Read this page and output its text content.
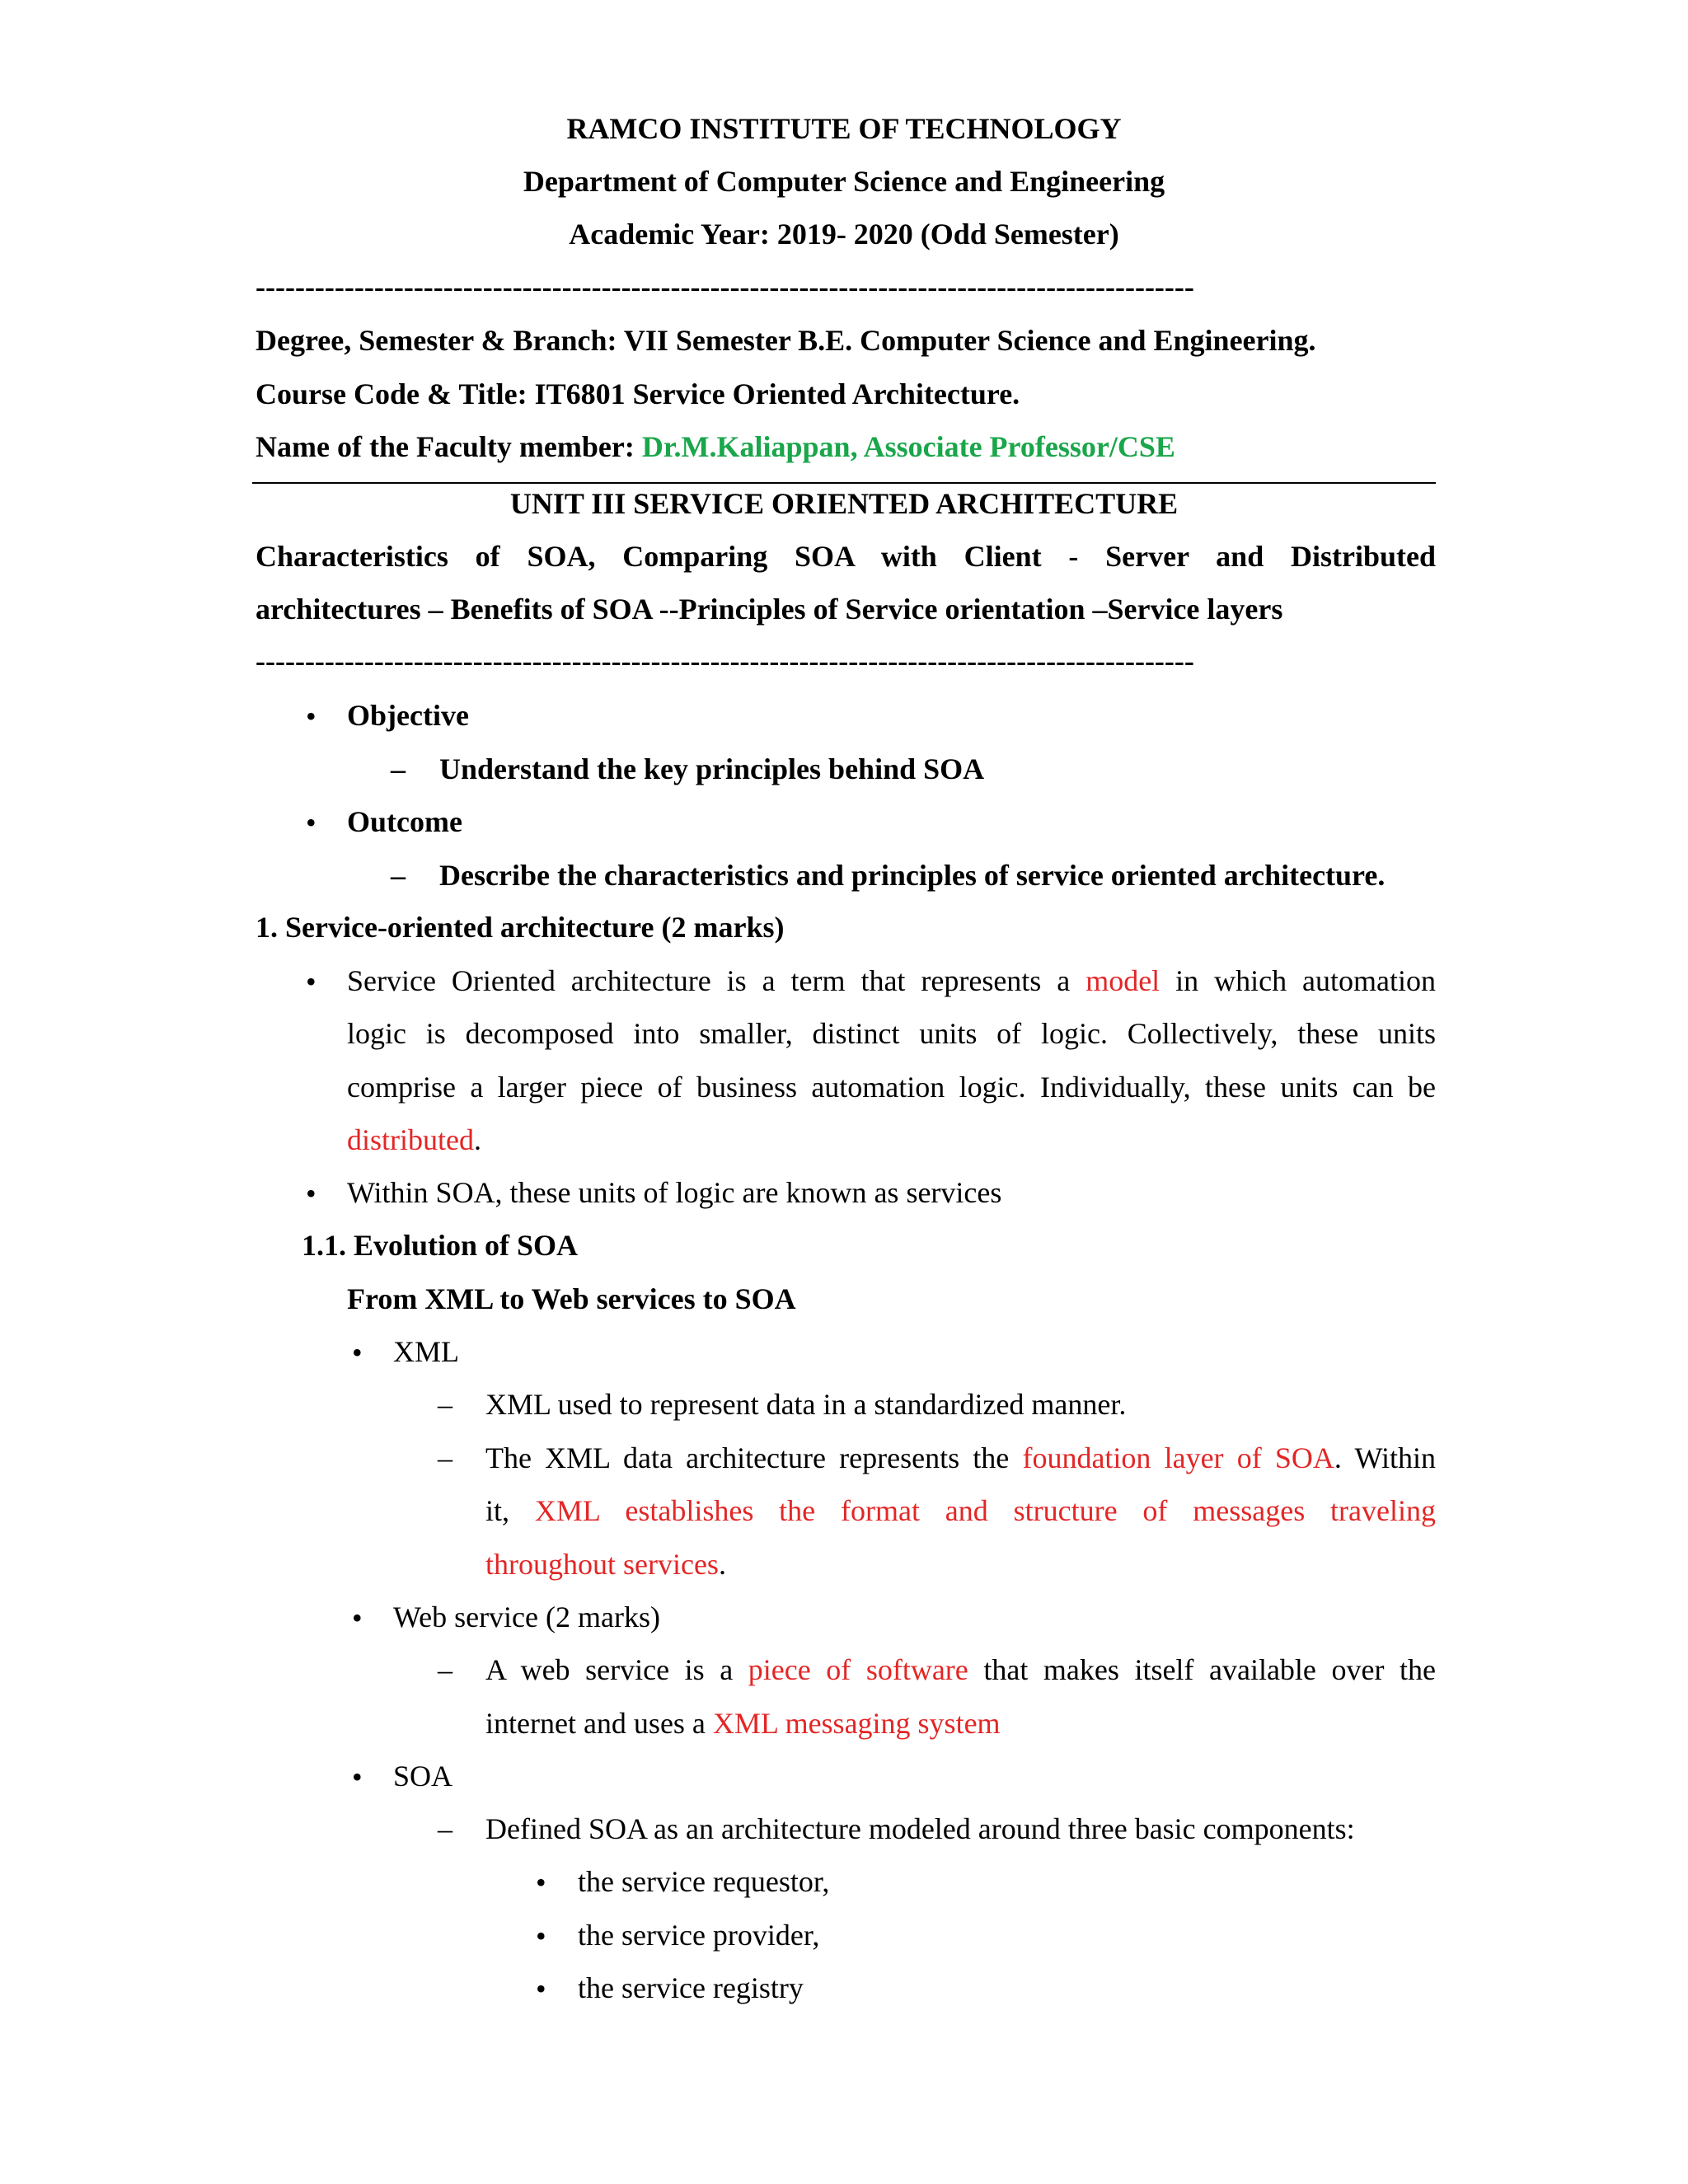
RAMCO INSTITUTE OF TECHNOLOGY
Department of Computer Science and Engineering
Academic Year: 2019- 2020 (Odd Semester)
-----------------------------------------------------------------------------------------------
Degree, Semester & Branch: VII Semester B.E. Computer Science and Engineering.
Course Code & Title: IT6801 Service Oriented Architecture.
Name of the Faculty member: Dr.M.Kaliappan, Associate Professor/CSE
UNIT III SERVICE ORIENTED ARCHITECTURE
Characteristics of SOA, Comparing SOA with Client - Server and Distributed
architectures – Benefits of SOA --Principles of Service orientation –Service layers
-----------------------------------------------------------------------------------------------
• Objective
– Understand the key principles behind SOA
• Outcome
– Describe the characteristics and principles of service oriented architecture.
1. Service-oriented architecture (2 marks)
• Service Oriented architecture is a term that represents a model in which automation
logic is decomposed into smaller, distinct units of logic. Collectively, these units
comprise a larger piece of business automation logic. Individually, these units can be
distributed.
• Within SOA, these units of logic are known as services
1.1. Evolution of SOA
From XML to Web services to SOA
• XML
– XML used to represent data in a standardized manner.
– The XML data architecture represents the foundation layer of SOA. Within
it, XML establishes the format and structure of messages traveling
throughout services.
• Web service (2 marks)
– A web service is a piece of software that makes itself available over the
internet and uses a XML messaging system
• SOA
– Defined SOA as an architecture modeled around three basic components:
• the service requestor,
• the service provider,
• the service registry
